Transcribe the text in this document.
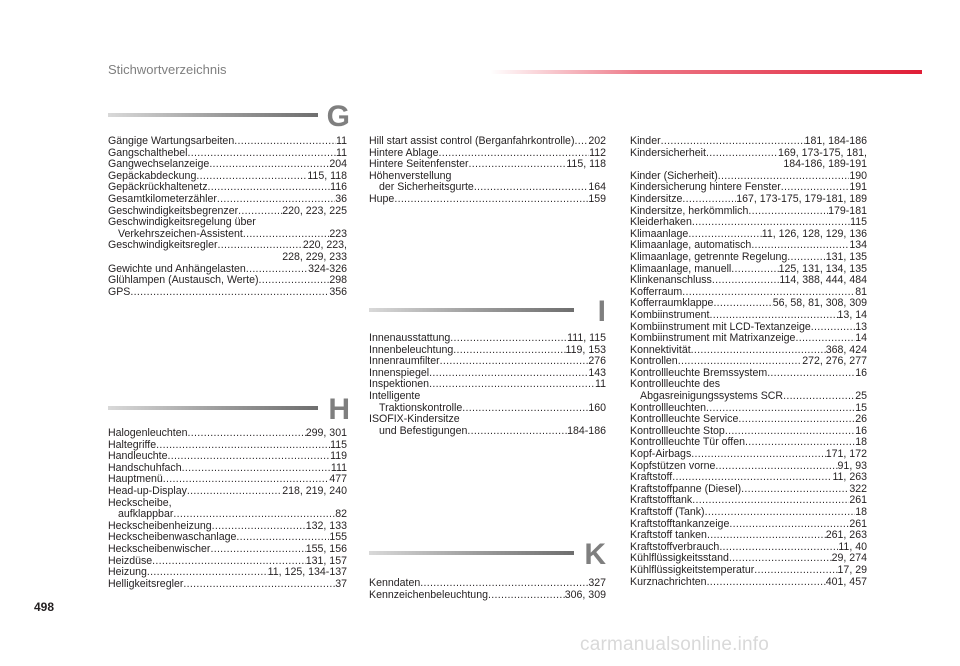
Stichwortverzeichnis
498
carmanualsonline.info
G
Gängige Wartungsarbeiten .....	11
Gangschalthebel .....	11
Gangwechselanzeige .....	204
Gepäckabdeckung .....	115, 118
Gepäckrückhaltenetz .....	116
Gesamtkilometerzähler .....	36
Geschwindigkeitsbegrenzer .....	220, 223, 225
Geschwindigkeitsregelung über
Verkehrszeichen-Assistent .....	223
Geschwindigkeitsregler .....	220, 223,
228, 229, 233
Gewichte und Anhängelasten .....	324-326
Glühlampen (Austausch, Werte) .....	298
GPS .....	356
Hill start assist control (Berganfahrkontrolle) ..... 202
Hintere Ablage .....	112
Hintere Seitenfenster .....	115, 118
Höhenverstellung
der Sicherheitsgurte .....	164
Hupe .....	159
H
Halogenleuchten .....	299, 301
Haltegriffe .....	115
Handleuchte .....	119
Handschuhfach .....	111
Hauptmenü .....	477
Head-up-Display .....	218, 219, 240
Heckscheibe,
aufklappbar .....	82
Heckscheibenheizung .....	132, 133
Heckscheibenwaschanlage .....	155
Heckscheibenwischer .....	155, 156
Heizdüse .....	131, 157
Heizung .....	11, 125, 134-137
Helligkeitsregler .....	37
I
Innenausstattung .....	111, 115
Innenbeleuchtung .....	119, 153
Innenraumfilter .....	276
Innenspiegel .....	143
Inspektionen .....	11
Intelligente
Traktionskontrolle .....	160
ISOFIX-Kindersitze
und Befestigungen .....	184-186
K
Kenndaten .....	327
Kennzeichenbeleuchtung .....	306, 309
Kinder .....	181, 184-186
Kindersicherheit .....	169, 173-175, 181,
184-186, 189-191
Kinder (Sicherheit) .....	190
Kindersicherung hintere Fenster .....	191
Kindersitze .....	167, 173-175, 179-181, 189
Kindersitze, herkömmlich .....	179-181
Kleiderhaken .....	115
Klimaanlage .....	11, 126, 128, 129, 136
Klimaanlage, automatisch .....	134
Klimaanlage, getrennte Regelung .....	131, 135
Klimaanlage, manuell .....	125, 131, 134, 135
Klinkenanschluss .....	114, 388, 444, 484
Kofferraum .....	81
Kofferraumklappe .....	56, 58, 81, 308, 309
Kombiinstrument .....	13, 14
Kombiinstrument mit LCD-Textanzeige .....	13
Kombiinstrument mit Matrixanzeige .....	14
Konnektivität .....	368, 424
Kontrollen .....	272, 276, 277
Kontrollleuchte Bremssystem .....	16
Kontrollleuchte des
Abgasreinigungssystems SCR .....	25
Kontrollleuchten .....	15
Kontrollleuchte Service .....	26
Kontrollleuchte Stop .....	16
Kontrollleuchte Tür offen .....	18
Kopf-Airbags .....	171, 172
Kopfstützen vorne .....	91, 93
Kraftstoff .....	11, 263
Kraftstoffpanne (Diesel) .....	322
Kraftstofftank .....	261
Kraftstoff (Tank) .....	18
Kraftstofftankanzeige .....	261
Kraftstoff tanken .....	261, 263
Kraftstoffverbrauch .....	11, 40
Kühlflüssigkeitsstand .....	29, 274
Kühlflüssigkeitstemperatur .....	17, 29
Kurznachrichten .....	401, 457
